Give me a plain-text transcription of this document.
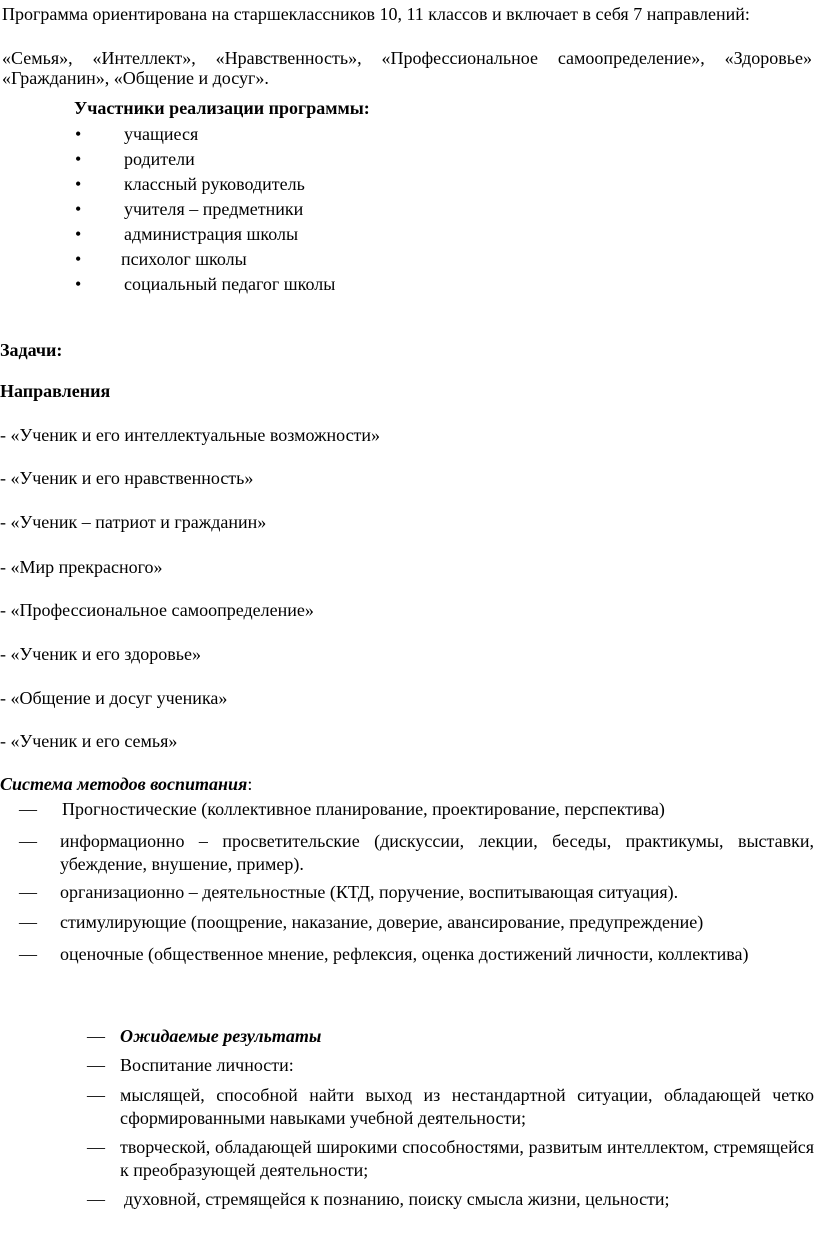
Программа ориентирована на старшеклассников 10, 11 классов и включает в себя 7 направлений:

«Семья», «Интеллект», «Нравственность», «Профессиональное самоопределение», «Здоровье» «Гражданин», «Общение и досуг».

Участники реализации программы:

• учащиеся
• родители
• классный руководитель
• учителя – предметники
• администрация школы
• психолог школы
• социальный педагог школы

Задачи:

Направления

- «Ученик и его интеллектуальные возможности»

- «Ученик и его нравственность»

- «Ученик – патриот и гражданин»

- «Мир прекрасного»

- «Профессиональное самоопределение»

- «Ученик и его здоровье»

- «Общение и досуг ученика»

- «Ученик и его семья»

Система методов воспитания:

— Прогностические (коллективное планирование, проектирование, перспектива)

— информационно – просветительские (дискуссии, лекции, беседы, практикумы, выставки, убеждение, внушение, пример).

— организационно – деятельностные (КТД, поручение, воспитывающая ситуация).

— стимулирующие (поощрение, наказание, доверие, авансирование, предупреждение)

— оценочные (общественное мнение, рефлексия, оценка достижений личности, коллектива)

— Ожидаемые результаты

— Воспитание личности:

— мыслящей, способной найти выход из нестандартной ситуации, обладающей четко сформированными навыками учебной деятельности;

— творческой, обладающей широкими способностями, развитым интеллектом, стремящейся к преобразующей деятельности;

— духовной, стремящейся к познанию, поиску смысла жизни, цельности;
